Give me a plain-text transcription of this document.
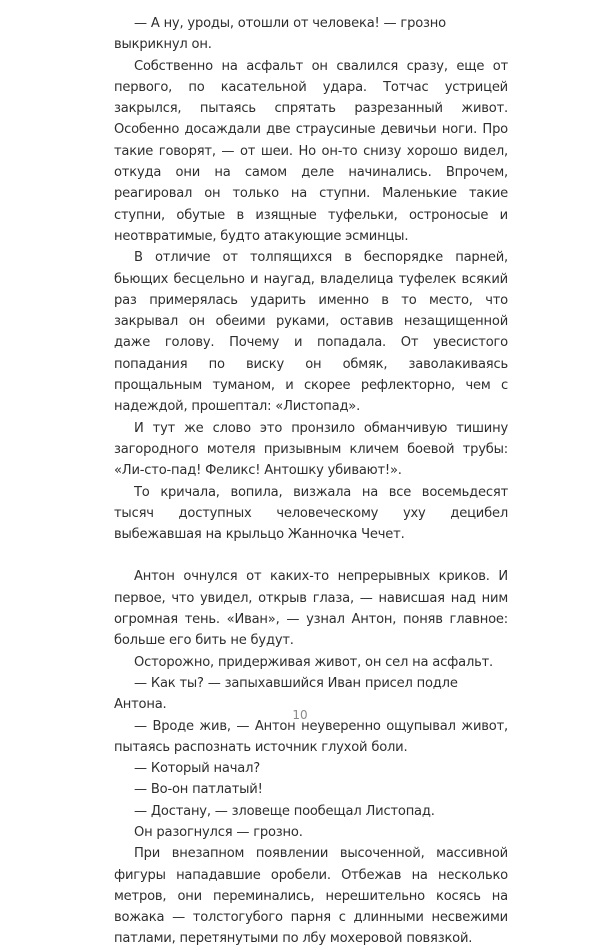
— А ну, уроды, отошли от человека! — грозно выкрикнул он.

Собственно на асфальт он свалился сразу, еще от первого, по касательной удара. Тотчас устрицей закрылся, пытаясь спрятать разрезанный живот. Особенно досаждали две страусиные девичьи ноги. Про такие говорят, — от шеи. Но он-то снизу хорошо видел, откуда они на самом деле начинались. Впрочем, реагировал он только на ступни. Маленькие такие ступни, обутые в изящные туфельки, остроносые и неотвратимые, будто атакующие эсминцы.

В отличие от толпящихся в беспорядке парней, бьющих бесцельно и наугад, владелица туфелек всякий раз примерялась ударить именно в то место, что закрывал он обеими руками, оставив незащищенной даже голову. Почему и попадала. От увесистого попадания по виску он обмяк, заволакиваясь прощальным туманом, и скорее рефлекторно, чем с надеждой, прошептал: «Листопад».

И тут же слово это пронзило обманчивую тишину загородного мотеля призывным кличем боевой трубы: «Ли-сто-пад! Феликс! Антошку убивают!».

То кричала, вопила, визжала на все восемьдесят тысяч доступных человеческому уху децибел выбежавшая на крыльцо Жанночка Чечет.

Антон очнулся от каких-то непрерывных криков. И первое, что увидел, открыв глаза, — нависшая над ним огромная тень. «Иван», — узнал Антон, поняв главное: больше его бить не будут.

Осторожно, придерживая живот, он сел на асфальт.

— Как ты? — запыхавшийся Иван присел подле Антона.

— Вроде жив, — Антон неуверенно ощупывал живот, пытаясь распознать источник глухой боли.

— Который начал?

— Во-он патлатый!

— Достану, — зловеще пообещал Листопад.

Он разогнулся — грозно.

При внезапном появлении высоченной, массивной фигуры нападавшие оробели. Отбежав на несколько метров, они переминались, нерешительно косясь на вожака — толстогубого парня с длинными несвежими патлами, перетянутыми по лбу мохеровой повязкой.

10
